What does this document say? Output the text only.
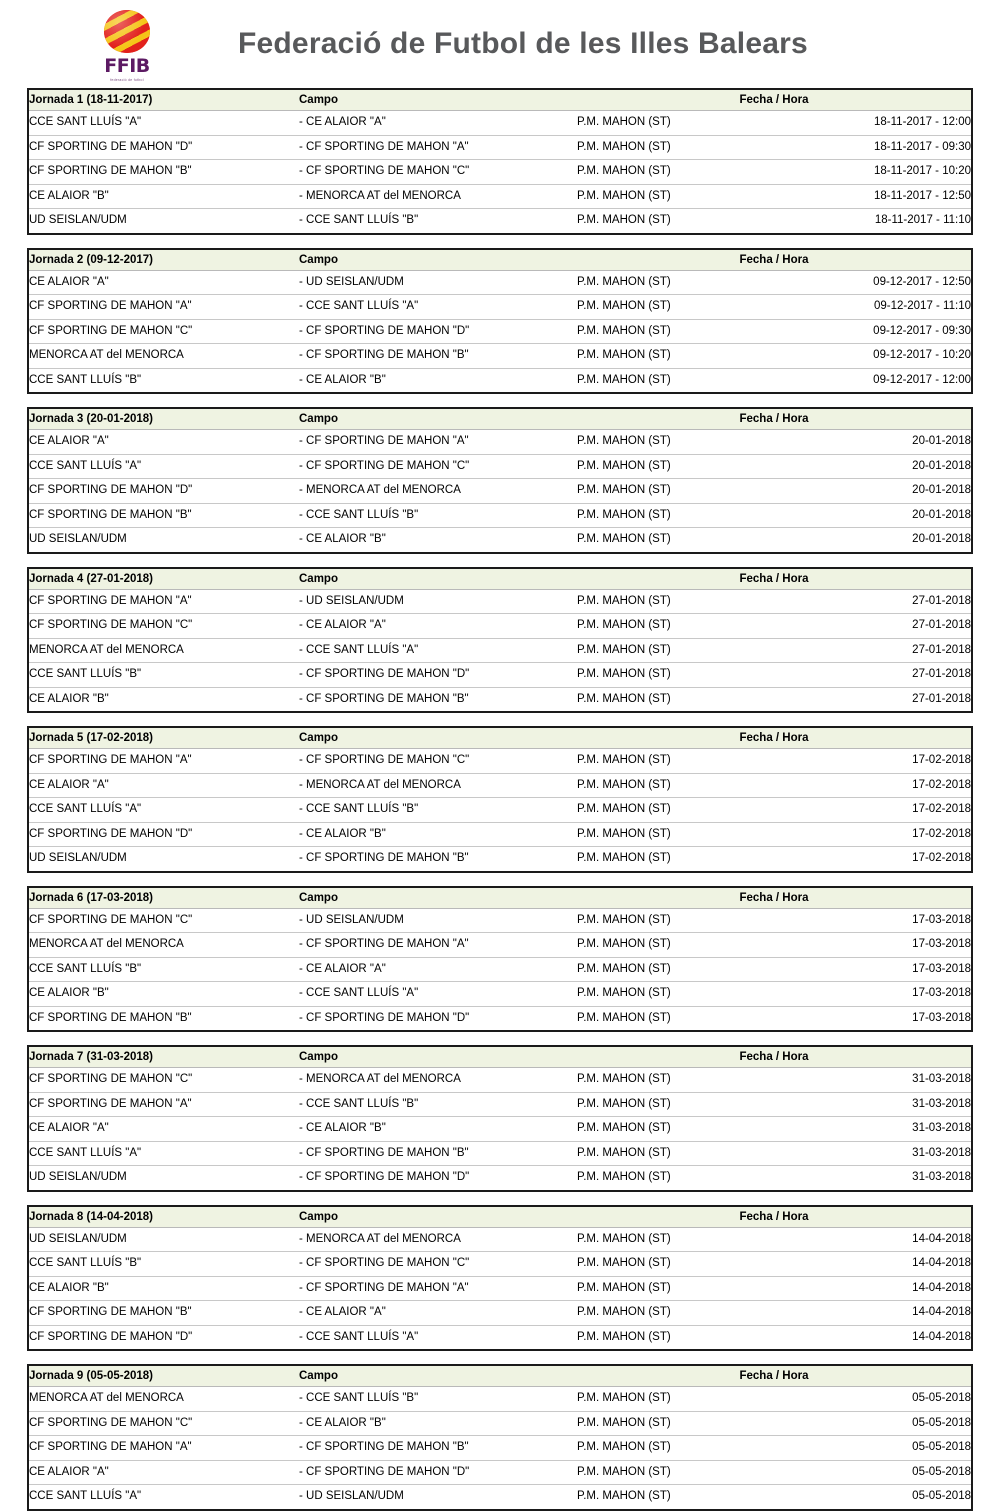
FFIB
federació de futbol
Federació de Futbol de les Illes Balears
Jornada 1 (18-11-2017)	Campo	Fecha / Hora	
CCE SANT LLUÍS "A"	- CE ALAIOR "A"	P.M. MAHON (ST)	18-11-2017 - 12:00
CF SPORTING DE MAHON "D"	- CF SPORTING DE MAHON "A"	P.M. MAHON (ST)	18-11-2017 - 09:30
CF SPORTING DE MAHON "B"	- CF SPORTING DE MAHON "C"	P.M. MAHON (ST)	18-11-2017 - 10:20
CE ALAIOR "B"	- MENORCA AT del MENORCA	P.M. MAHON (ST)	18-11-2017 - 12:50
UD SEISLAN/UDM	- CCE SANT LLUÍS "B"	P.M. MAHON (ST)	18-11-2017 - 11:10
Jornada 2 (09-12-2017)	Campo	Fecha / Hora	
CE ALAIOR "A"	- UD SEISLAN/UDM	P.M. MAHON (ST)	09-12-2017 - 12:50
CF SPORTING DE MAHON "A"	- CCE SANT LLUÍS "A"	P.M. MAHON (ST)	09-12-2017 - 11:10
CF SPORTING DE MAHON "C"	- CF SPORTING DE MAHON "D"	P.M. MAHON (ST)	09-12-2017 - 09:30
MENORCA AT del MENORCA	- CF SPORTING DE MAHON "B"	P.M. MAHON (ST)	09-12-2017 - 10:20
CCE SANT LLUÍS "B"	- CE ALAIOR "B"	P.M. MAHON (ST)	09-12-2017 - 12:00
Jornada 3 (20-01-2018)	Campo	Fecha / Hora	
CE ALAIOR "A"	- CF SPORTING DE MAHON "A"	P.M. MAHON (ST)	20-01-2018
CCE SANT LLUÍS "A"	- CF SPORTING DE MAHON "C"	P.M. MAHON (ST)	20-01-2018
CF SPORTING DE MAHON "D"	- MENORCA AT del MENORCA	P.M. MAHON (ST)	20-01-2018
CF SPORTING DE MAHON "B"	- CCE SANT LLUÍS "B"	P.M. MAHON (ST)	20-01-2018
UD SEISLAN/UDM	- CE ALAIOR "B"	P.M. MAHON (ST)	20-01-2018
Jornada 4 (27-01-2018)	Campo	Fecha / Hora	
CF SPORTING DE MAHON "A"	- UD SEISLAN/UDM	P.M. MAHON (ST)	27-01-2018
CF SPORTING DE MAHON "C"	- CE ALAIOR "A"	P.M. MAHON (ST)	27-01-2018
MENORCA AT del MENORCA	- CCE SANT LLUÍS "A"	P.M. MAHON (ST)	27-01-2018
CCE SANT LLUÍS "B"	- CF SPORTING DE MAHON "D"	P.M. MAHON (ST)	27-01-2018
CE ALAIOR "B"	- CF SPORTING DE MAHON "B"	P.M. MAHON (ST)	27-01-2018
Jornada 5 (17-02-2018)	Campo	Fecha / Hora	
CF SPORTING DE MAHON "A"	- CF SPORTING DE MAHON "C"	P.M. MAHON (ST)	17-02-2018
CE ALAIOR "A"	- MENORCA AT del MENORCA	P.M. MAHON (ST)	17-02-2018
CCE SANT LLUÍS "A"	- CCE SANT LLUÍS "B"	P.M. MAHON (ST)	17-02-2018
CF SPORTING DE MAHON "D"	- CE ALAIOR "B"	P.M. MAHON (ST)	17-02-2018
UD SEISLAN/UDM	- CF SPORTING DE MAHON "B"	P.M. MAHON (ST)	17-02-2018
Jornada 6 (17-03-2018)	Campo	Fecha / Hora	
CF SPORTING DE MAHON "C"	- UD SEISLAN/UDM	P.M. MAHON (ST)	17-03-2018
MENORCA AT del MENORCA	- CF SPORTING DE MAHON "A"	P.M. MAHON (ST)	17-03-2018
CCE SANT LLUÍS "B"	- CE ALAIOR "A"	P.M. MAHON (ST)	17-03-2018
CE ALAIOR "B"	- CCE SANT LLUÍS "A"	P.M. MAHON (ST)	17-03-2018
CF SPORTING DE MAHON "B"	- CF SPORTING DE MAHON "D"	P.M. MAHON (ST)	17-03-2018
Jornada 7 (31-03-2018)	Campo	Fecha / Hora	
CF SPORTING DE MAHON "C"	- MENORCA AT del MENORCA	P.M. MAHON (ST)	31-03-2018
CF SPORTING DE MAHON "A"	- CCE SANT LLUÍS "B"	P.M. MAHON (ST)	31-03-2018
CE ALAIOR "A"	- CE ALAIOR "B"	P.M. MAHON (ST)	31-03-2018
CCE SANT LLUÍS "A"	- CF SPORTING DE MAHON "B"	P.M. MAHON (ST)	31-03-2018
UD SEISLAN/UDM	- CF SPORTING DE MAHON "D"	P.M. MAHON (ST)	31-03-2018
Jornada 8 (14-04-2018)	Campo	Fecha / Hora	
UD SEISLAN/UDM	- MENORCA AT del MENORCA	P.M. MAHON (ST)	14-04-2018
CCE SANT LLUÍS "B"	- CF SPORTING DE MAHON "C"	P.M. MAHON (ST)	14-04-2018
CE ALAIOR "B"	- CF SPORTING DE MAHON "A"	P.M. MAHON (ST)	14-04-2018
CF SPORTING DE MAHON "B"	- CE ALAIOR "A"	P.M. MAHON (ST)	14-04-2018
CF SPORTING DE MAHON "D"	- CCE SANT LLUÍS "A"	P.M. MAHON (ST)	14-04-2018
Jornada 9 (05-05-2018)	Campo	Fecha / Hora	
MENORCA AT del MENORCA	- CCE SANT LLUÍS "B"	P.M. MAHON (ST)	05-05-2018
CF SPORTING DE MAHON "C"	- CE ALAIOR "B"	P.M. MAHON (ST)	05-05-2018
CF SPORTING DE MAHON "A"	- CF SPORTING DE MAHON "B"	P.M. MAHON (ST)	05-05-2018
CE ALAIOR "A"	- CF SPORTING DE MAHON "D"	P.M. MAHON (ST)	05-05-2018
CCE SANT LLUÍS "A"	- UD SEISLAN/UDM	P.M. MAHON (ST)	05-05-2018
